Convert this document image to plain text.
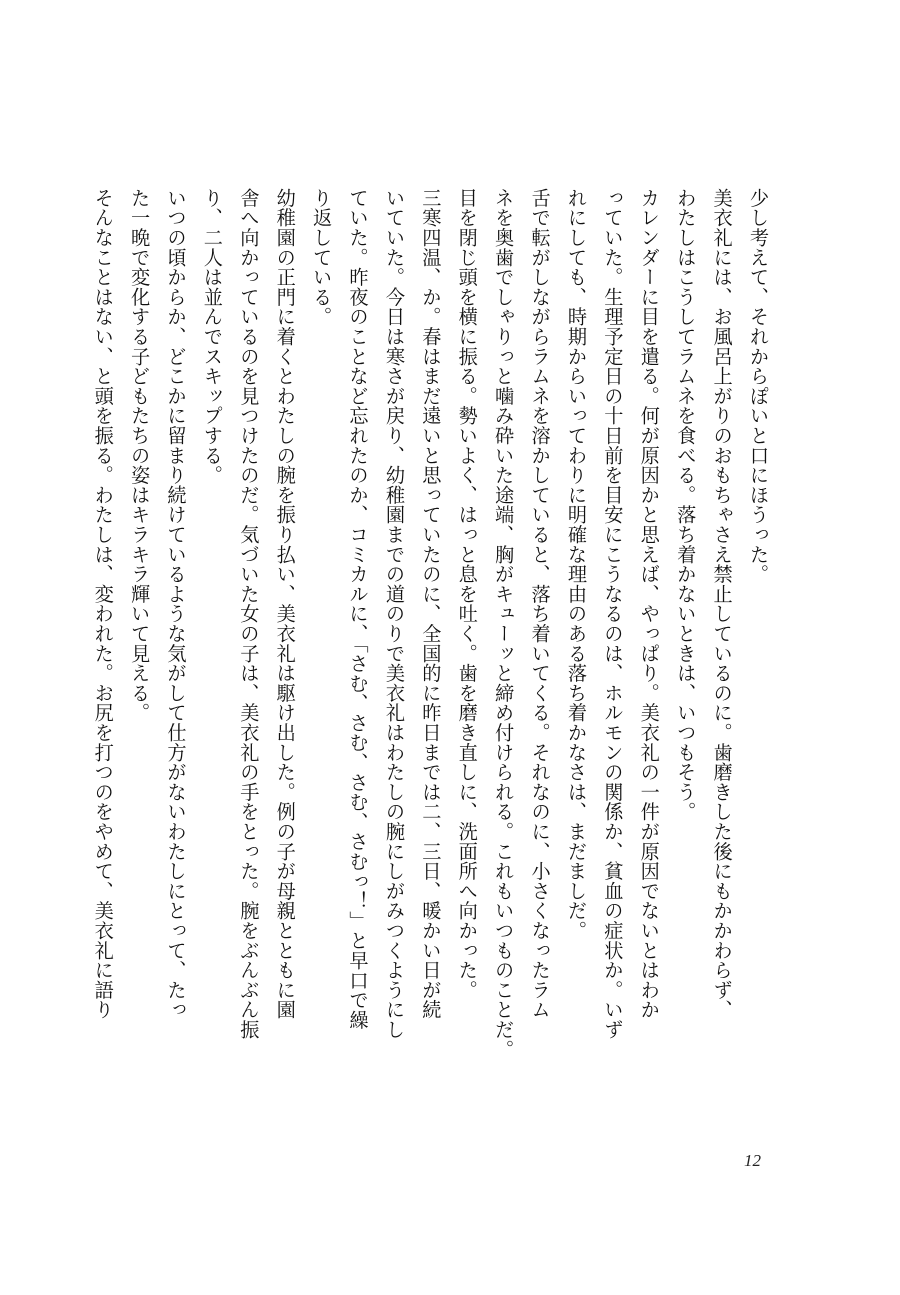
少し考えて、それからぽいと口にほうった。
美衣礼には、お風呂上がりのおもちゃさえ禁止しているのに。歯磨きした後にもかかわらず、
わたしはこうしてラムネを食べる。落ち着かないときは、いつもそう。
カレンダーに目を遣る。何が原因かと思えば、やっぱり。美衣礼の一件が原因でないとはわか
っていた。生理予定日の十日前を目安にこうなるのは、ホルモンの関係か、貧血の症状か。いず
れにしても、時期からいってわりに明確な理由のある落ち着かなさは、まだましだ。
舌で転がしながらラムネを溶かしていると、落ち着いてくる。それなのに、小さくなったラム
ネを奥歯でしゃりっと噛み砕いた途端、胸がキューッと締め付けられる。これもいつものことだ。
目を閉じ頭を横に振る。勢いよく、はっと息を吐く。歯を磨き直しに、洗面所へ向かった。
三寒四温、か。春はまだ遠いと思っていたのに、全国的に昨日までは二、三日、暖かい日が続
いていた。今日は寒さが戻り、幼稚園までの道のりで美衣礼はわたしの腕にしがみつくようにし
ていた。昨夜のことなど忘れたのか、コミカルに、「さむ、さむ、さむ、さむっ！」と早口で繰
り返している。
幼稚園の正門に着くとわたしの腕を振り払い、美衣礼は駆け出した。例の子が母親とともに園
舎へ向かっているのを見つけたのだ。気づいた女の子は、美衣礼の手をとった。腕をぶんぶん振
り、二人は並んでスキップする。
いつの頃からか、どこかに留まり続けているような気がして仕方がないわたしにとって、たっ
た一晩で変化する子どもたちの姿はキラキラ輝いて見える。
そんなことはない、と頭を振る。わたしは、変われた。お尻を打つのをやめて、美衣礼に語り
12
